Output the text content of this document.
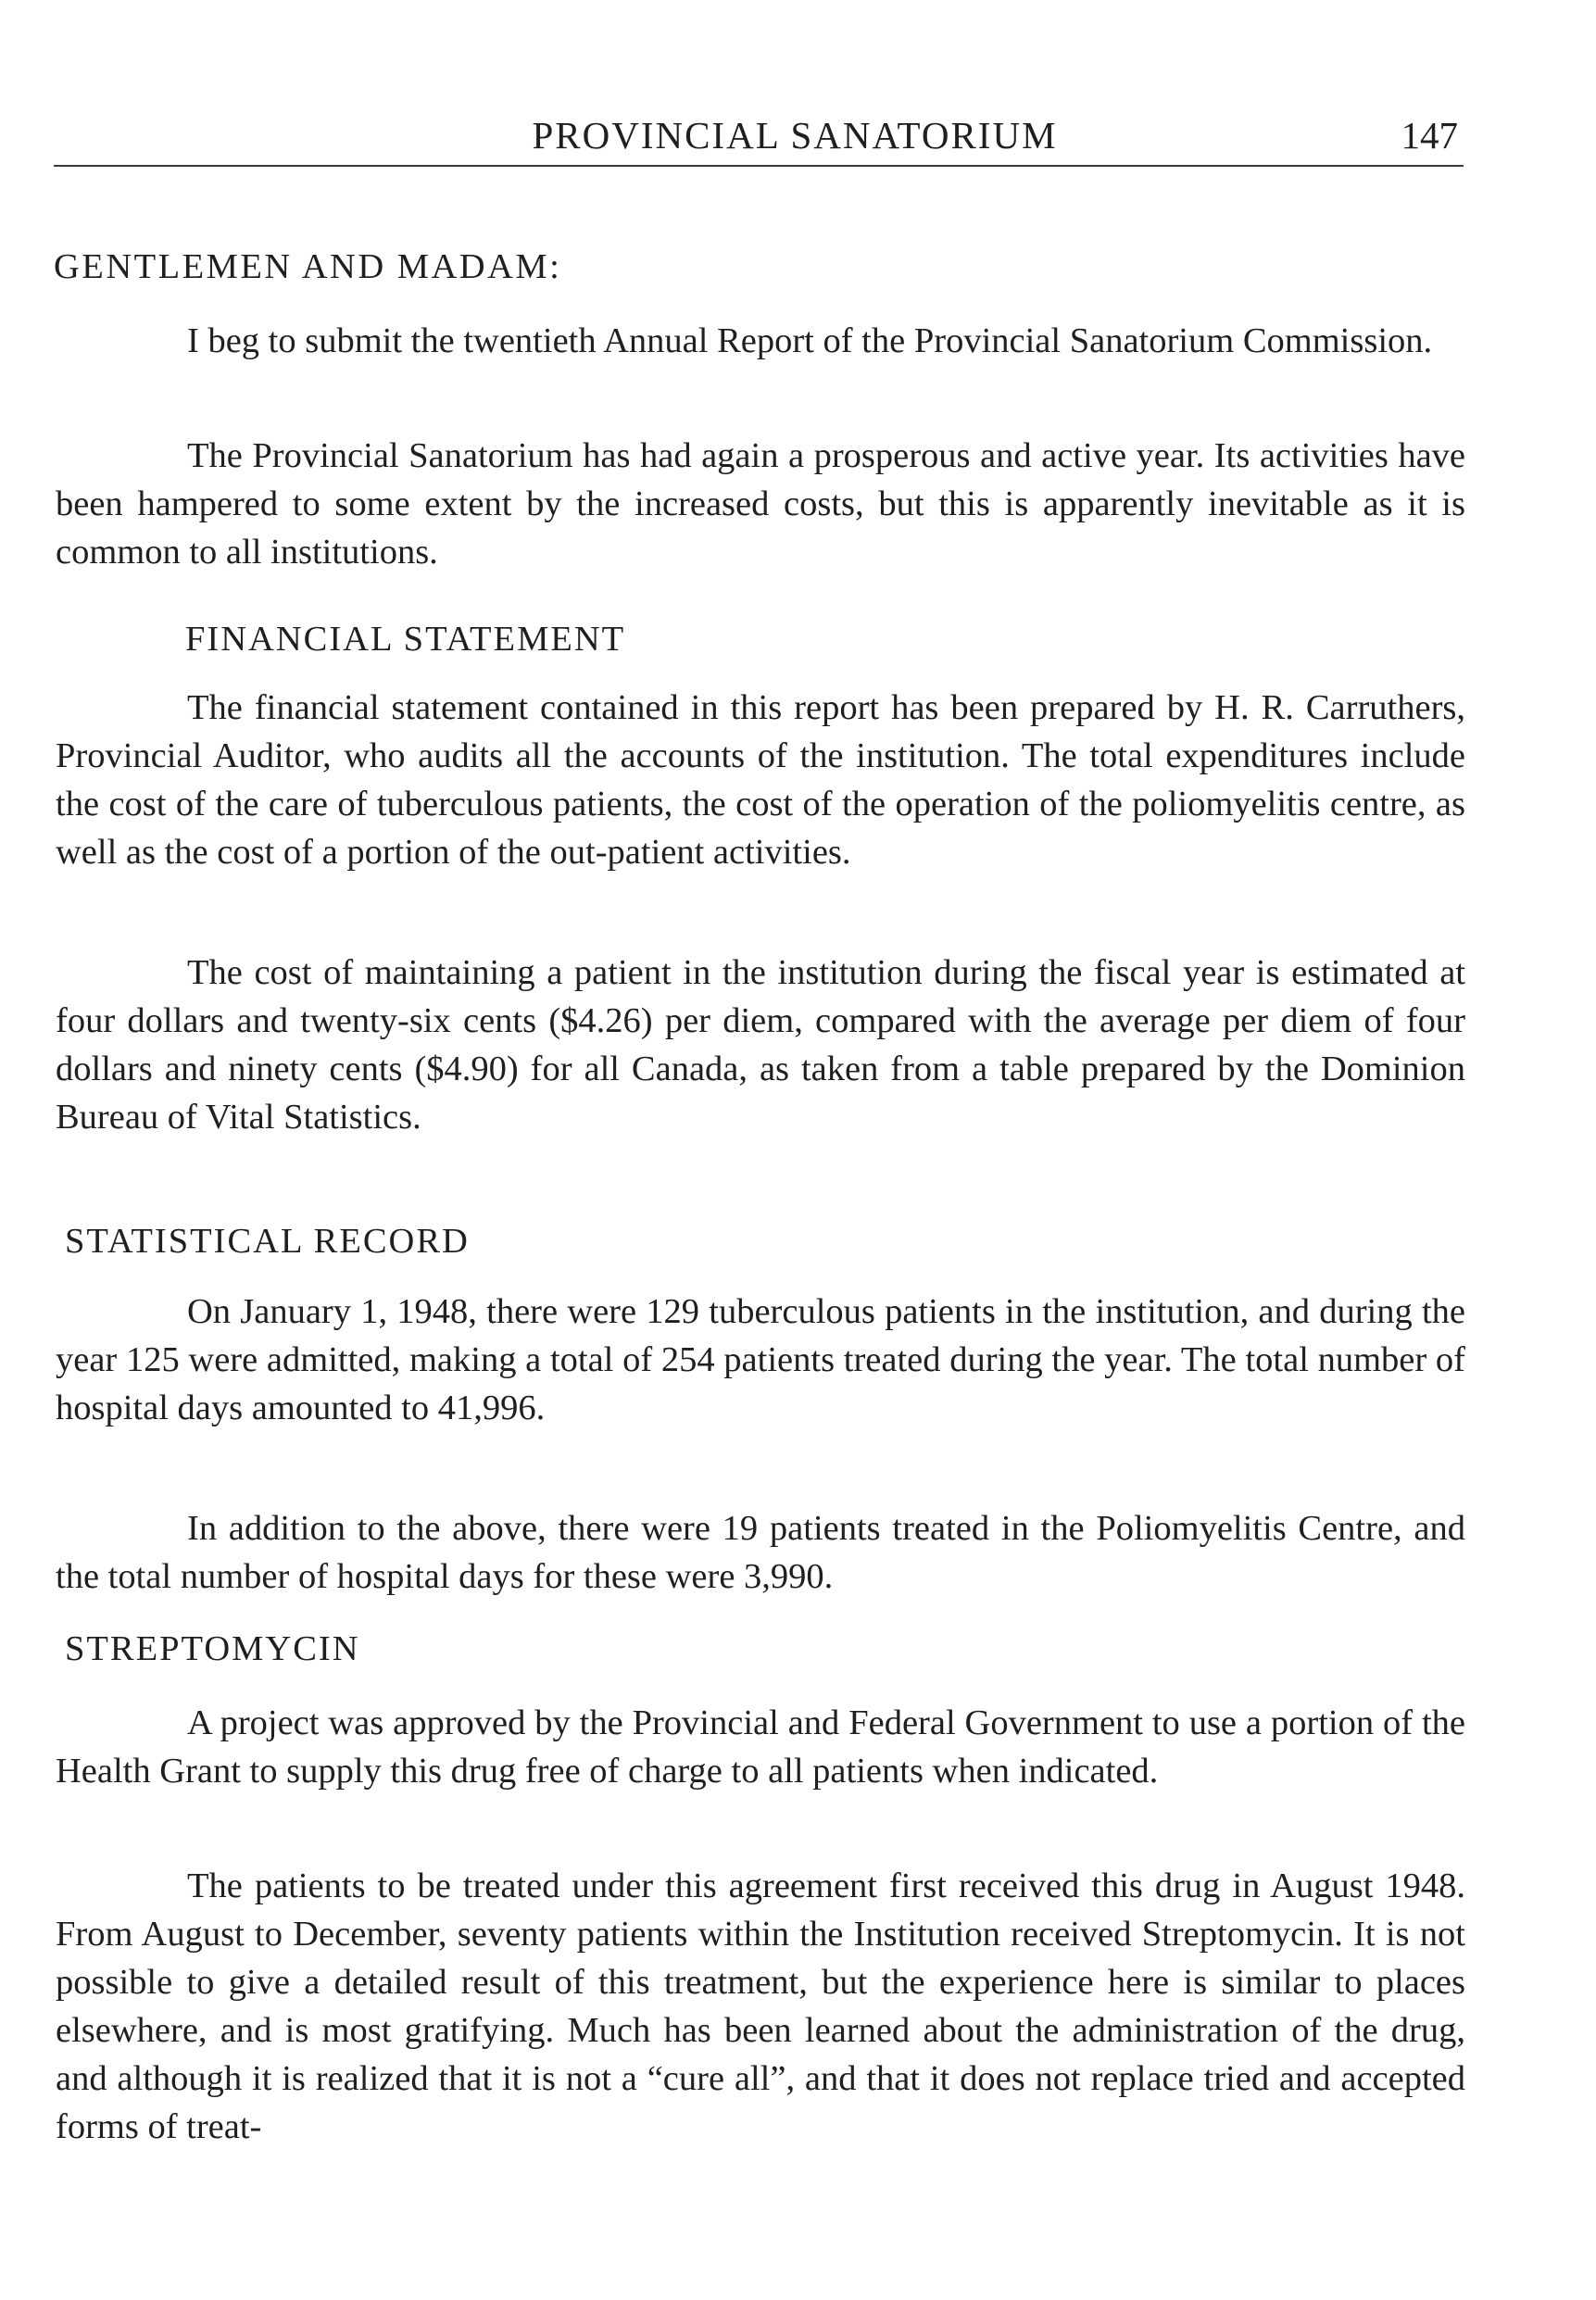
PROVINCIAL SANATORIUM	147
GENTLEMEN AND MADAM:
I beg to submit the twentieth Annual Report of the Provincial Sanatorium Commission.
The Provincial Sanatorium has had again a prosperous and active year. Its activities have been hampered to some extent by the increased costs, but this is apparently inevitable as it is common to all institutions.
FINANCIAL STATEMENT
The financial statement contained in this report has been prepared by H. R. Carruthers, Provincial Auditor, who audits all the accounts of the institution. The total expenditures include the cost of the care of tuberculous patients, the cost of the operation of the poliomyelitis centre, as well as the cost of a portion of the out-patient activities.
The cost of maintaining a patient in the institution during the fiscal year is estimated at four dollars and twenty-six cents ($4.26) per diem, compared with the average per diem of four dollars and ninety cents ($4.90) for all Canada, as taken from a table prepared by the Dominion Bureau of Vital Statistics.
STATISTICAL RECORD
On January 1, 1948, there were 129 tuberculous patients in the institution, and during the year 125 were admitted, making a total of 254 patients treated during the year. The total number of hospital days amounted to 41,996.
In addition to the above, there were 19 patients treated in the Poliomyelitis Centre, and the total number of hospital days for these were 3,990.
STREPTOMYCIN
A project was approved by the Provincial and Federal Government to use a portion of the Health Grant to supply this drug free of charge to all patients when indicated.
The patients to be treated under this agreement first received this drug in August 1948. From August to December, seventy patients within the Institution received Streptomycin. It is not possible to give a detailed result of this treatment, but the experience here is similar to places elsewhere, and is most gratifying. Much has been learned about the administration of the drug, and although it is realized that it is not a “cure all”, and that it does not replace tried and accepted forms of treat-
